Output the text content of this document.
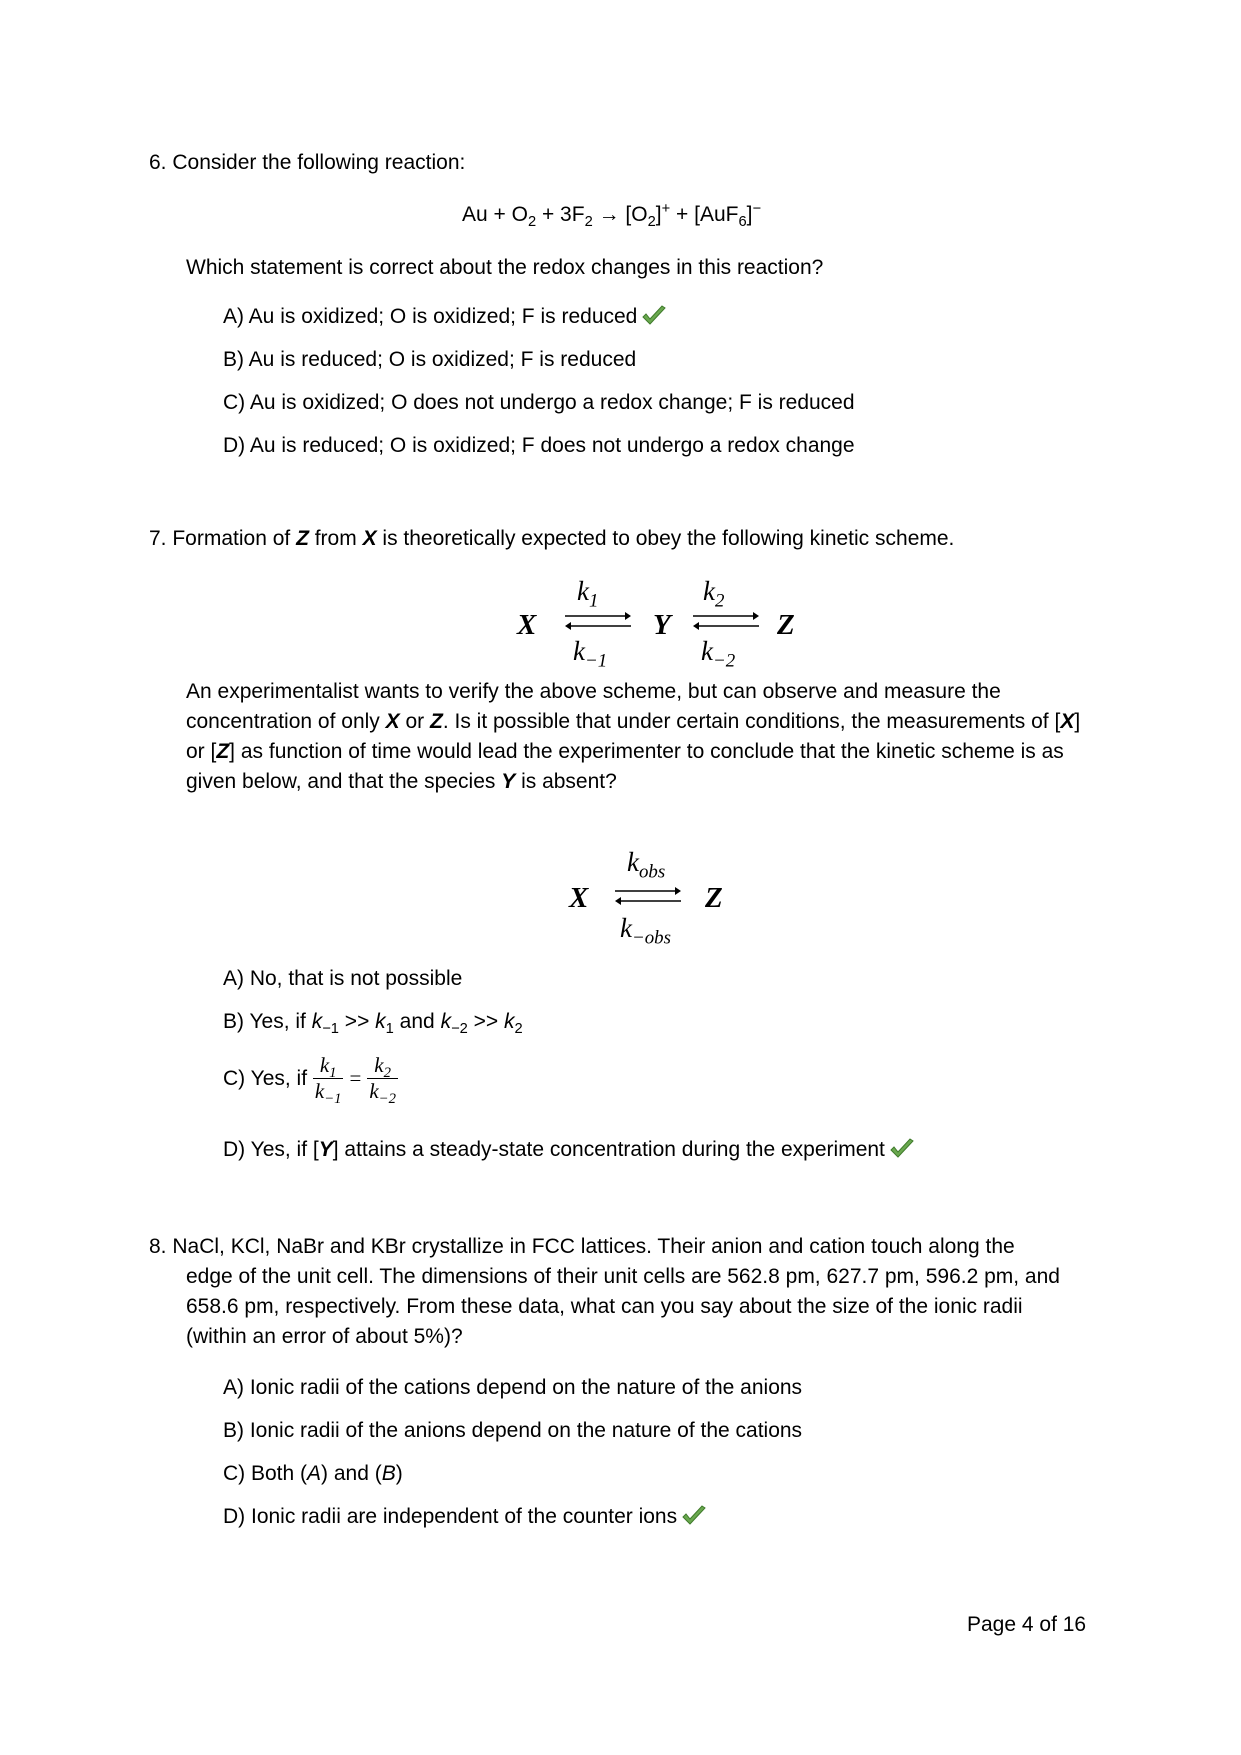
6. Consider the following reaction:
$Au + O_2 + 3F_2 \to [O_2]^+ + [AuF_6]^-$
Which statement is correct about the redox changes in this reaction?
A) Au is oxidized; O is oxidized; F is reduced
B) Au is reduced; O is oxidized; F is reduced
C) Au is oxidized; O does not undergo a redox change; F is reduced
D) Au is reduced; O is oxidized; F does not undergo a redox change
7. Formation of Z from X is theoretically expected to obey the following kinetic scheme.
X
$k_1$
$k_{-1}$
Y
$k_2$
$k_{-2}$
Z
An experimentalist wants to verify the above scheme, but can observe and measure the concentration of only X or Z. Is it possible that under certain conditions, the measurements of [X] or [Z] as function of time would lead the experimenter to conclude that the kinetic scheme is as given below, and that the species Y is absent?
X
$k_{obs}$
$k_{-obs}$
Z
A) No, that is not possible
B) Yes, if $k_{-1} >> k_1$ and $k_{-2} >> k_2$
C) Yes, if $\frac{k_1}{k_{-1}} = \frac{k_2}{k_{-2}}$
D) Yes, if [Y] attains a steady-state concentration during the experiment
8. NaCl, KCl, NaBr and KBr crystallize in FCC lattices. Their anion and cation touch along the
edge of the unit cell. The dimensions of their unit cells are 562.8 pm, 627.7 pm, 596.2 pm, and 658.6 pm, respectively. From these data, what can you say about the size of the ionic radii (within an error of about 5%)?
A) Ionic radii of the cations depend on the nature of the anions
B) Ionic radii of the anions depend on the nature of the cations
C) Both (A) and (B)
D) Ionic radii are independent of the counter ions
Page 4 of 16
